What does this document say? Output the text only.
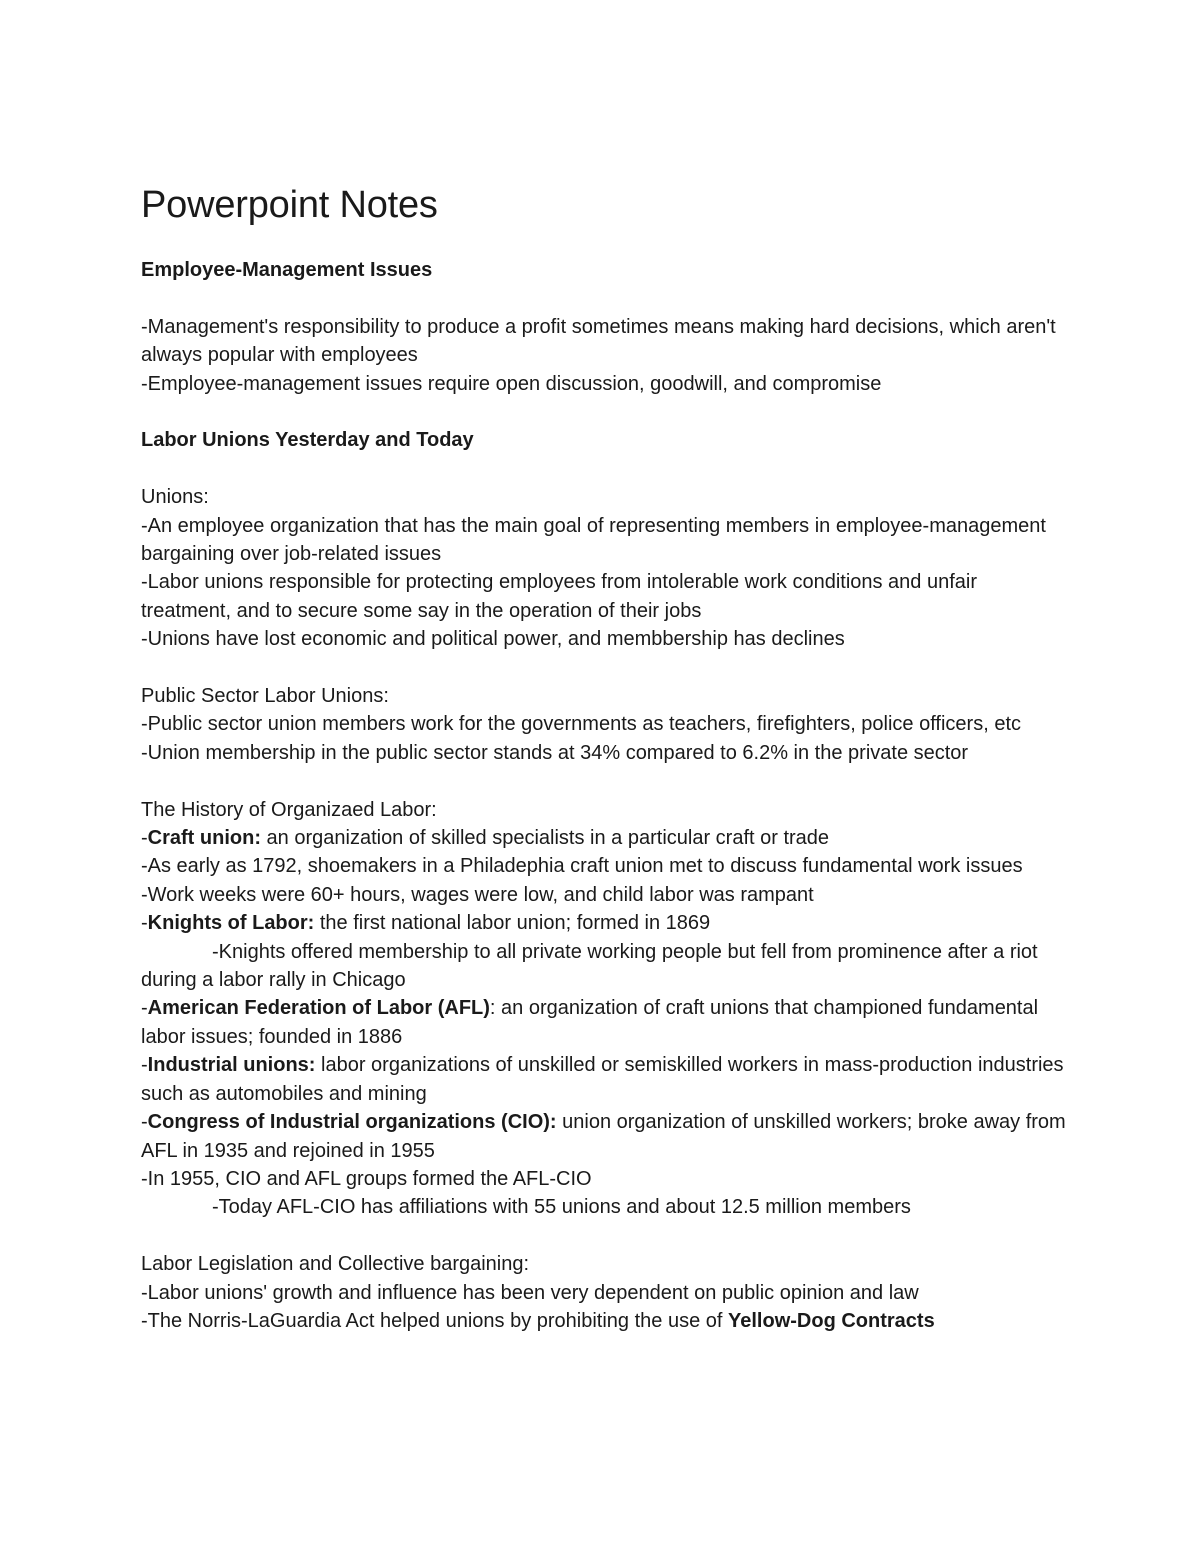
Powerpoint Notes

Employee-Management Issues

-Management's responsibility to produce a profit sometimes means making hard decisions, which aren't always popular with employees

-Employee-management issues require open discussion, goodwill, and compromise

Labor Unions Yesterday and Today

Unions:

-An employee organization that has the main goal of representing members in employee-management bargaining over job-related issues

-Labor unions responsible for protecting employees from intolerable work conditions and unfair treatment, and to secure some say in the operation of their jobs

-Unions have lost economic and political power, and membbership has declines

Public Sector Labor Unions:

-Public sector union members work for the governments as teachers, firefighters, police officers, etc

-Union membership in the public sector stands at 34% compared to 6.2% in the private sector

The History of Organizaed Labor:

-Craft union: an organization of skilled specialists in a particular craft or trade

-As early as 1792, shoemakers in a Philadephia craft union met to discuss fundamental work issues

-Work weeks were 60+ hours, wages were low, and child labor was rampant

-Knights of Labor: the first national labor union; formed in 1869

-Knights offered membership to all private working people but fell from prominence after a riot during a labor rally in Chicago

-American Federation of Labor (AFL): an organization of craft unions that championed fundamental labor issues; founded in 1886

-Industrial unions: labor organizations of unskilled or semiskilled workers in mass-production industries such as automobiles and mining

-Congress of Industrial organizations (CIO): union organization of unskilled workers; broke away from AFL in 1935 and rejoined in 1955

-In 1955, CIO and AFL groups formed the AFL-CIO

-Today AFL-CIO has affiliations with 55 unions and about 12.5 million members

Labor Legislation and Collective bargaining:

-Labor unions' growth and influence has been very dependent on public opinion and law

-The Norris-LaGuardia Act helped unions by prohibiting the use of Yellow-Dog Contracts
